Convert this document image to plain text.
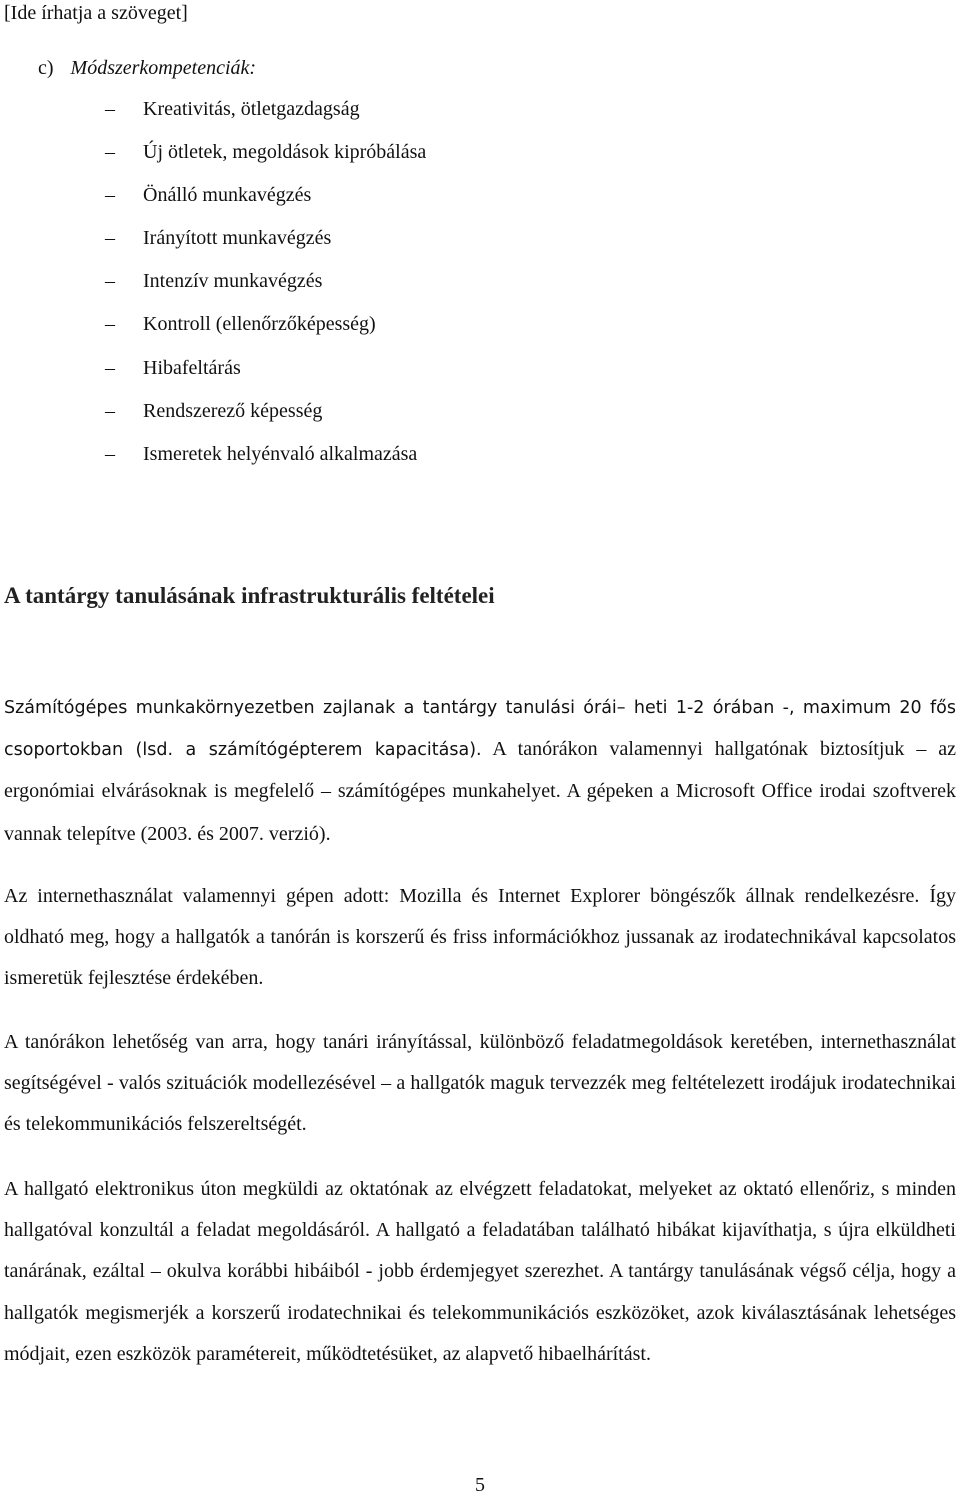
[Ide írhatja a szöveget]
c) Módszerkompetenciák:
–	Kreativitás, ötletgazdagság
–	Új ötletek, megoldások kipróbálása
–	Önálló munkavégzés
–	Irányított munkavégzés
–	Intenzív munkavégzés
–	Kontroll (ellenőrzőképesség)
–	Hibafeltárás
–	Rendszerező képesség
–	Ismeretek helyénvaló alkalmazása
A tantárgy tanulásának infrastrukturális feltételei

Számítógépes munkakörnyezetben zajlanak a tantárgy tanulási órái– heti 1-2 órában -, maximum 20 fős csoportokban (lsd. a számítógépterem kapacitása). A tanórákon valamennyi hallgatónak biztosítjuk – az ergonómiai elvárásoknak is megfelelő – számítógépes munkahelyet. A gépeken a Microsoft Office irodai szoftverek vannak telepítve (2003. és 2007. verzió).

Az internethasználat valamennyi gépen adott: Mozilla és Internet Explorer böngészők állnak rendelkezésre. Így oldható meg, hogy a hallgatók a tanórán is korszerű és friss információkhoz jussanak az irodatechnikával kapcsolatos ismeretük fejlesztése érdekében.

A tanórákon lehetőség van arra, hogy tanári irányítással, különböző feladatmegoldások keretében, internethasználat segítségével - valós szituációk modellezésével – a hallgatók maguk tervezzék meg feltételezett irodájuk irodatechnikai és telekommunikációs felszereltségét.

A hallgató elektronikus úton megküldi az oktatónak az elvégzett feladatokat, melyeket az oktató ellenőriz, s minden hallgatóval konzultál a feladat megoldásáról. A hallgató a feladatában található hibákat kijavíthatja, s újra elküldheti tanárának, ezáltal – okulva korábbi hibáiból - jobb érdemjegyet szerezhet. A tantárgy tanulásának végső célja, hogy a hallgatók megismerjék a korszerű irodatechnikai és telekommunikációs eszközöket, azok kiválasztásának lehetséges módjait, ezen eszközök paramétereit, működtetésüket, az alapvető hibaelhárítást.

5
